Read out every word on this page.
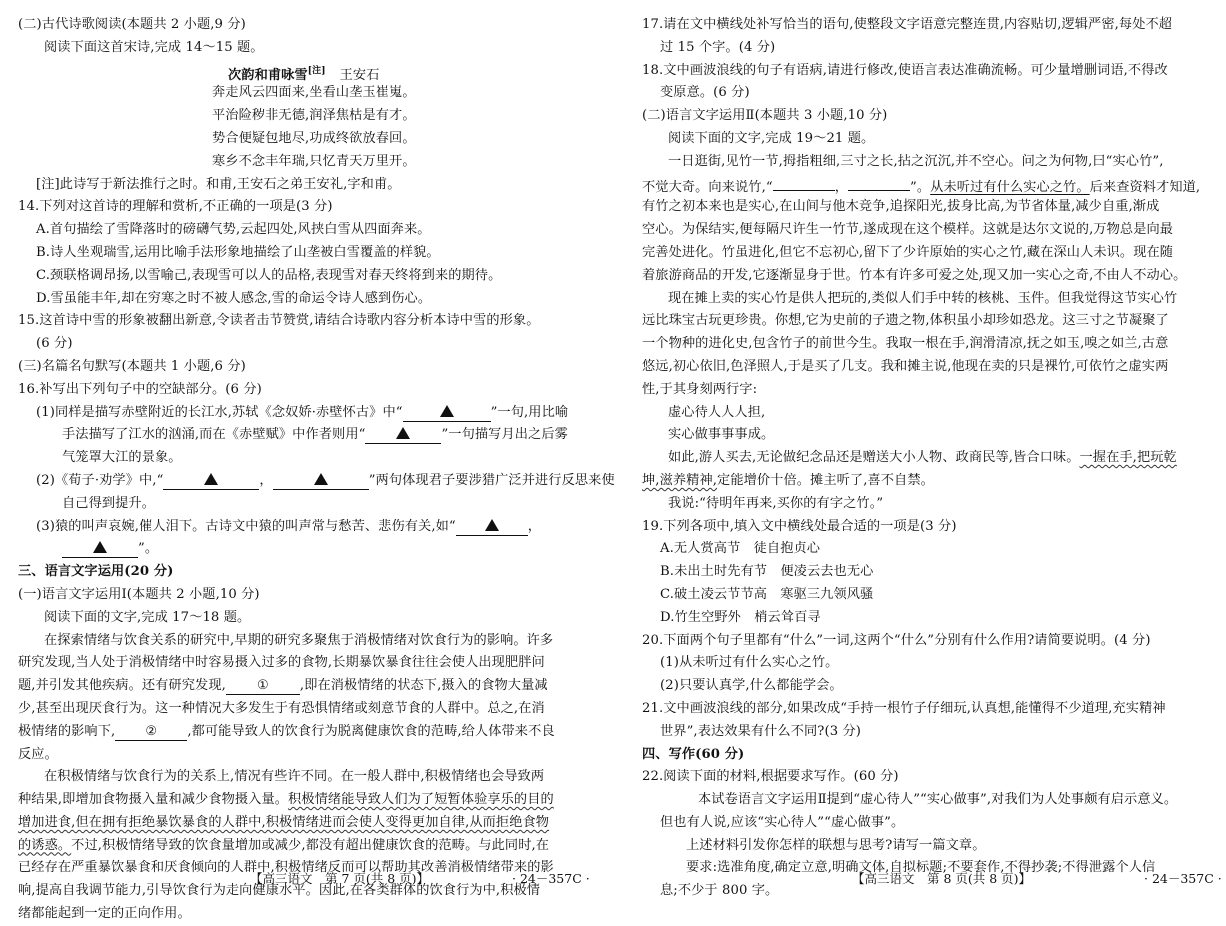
(二)古代诗歌阅读(本题共 2 小题,9 分)
阅读下面这首宋诗,完成 14～15 题。
次韵和甫咏雪[注] 王安石
奔走风云四面来,坐看山垄玉崔嵬。
平治险秽非无德,润泽焦枯是有才。
势合便疑包地尽,功成终欲放春回。
寒乡不念丰年瑞,只忆青天万里开。
[注]此诗写于新法推行之时。和甫,王安石之弟王安礼,字和甫。
14.下列对这首诗的理解和赏析,不正确的一项是(3 分)
A.首句描绘了雪降落时的磅礴气势,云起四处,风挟白雪从四面奔来。
B.诗人坐观瑞雪,运用比喻手法形象地描绘了山垄被白雪覆盖的样貌。
C.颈联格调昂扬,以雪喻己,表现雪可以人的品格,表现雪对春天终将到来的期待。
D.雪虽能丰年,却在穷寒之时不被人感念,雪的命运令诗人感到伤心。
15.这首诗中雪的形象被翻出新意,令读者击节赞赏,请结合诗歌内容分析本诗中雪的形象。
(6 分)
(三)名篇名句默写(本题共 1 小题,6 分)
16.补写出下列句子中的空缺部分。(6 分)
(1)同样是描写赤壁附近的长江水,苏轼《念奴娇·赤壁怀古》中“	”一句,用比喻
手法描写了江水的汹涌,而在《赤壁赋》中作者则用“	”一句描写月出之后雾
气笼罩大江的景象。
(2)《荀子·劝学》中,“	，	”两句体现君子要涉猎广泛并进行反思来使
自己得到提升。
(3)猿的叫声哀婉,催人泪下。古诗文中猿的叫声常与愁苦、悲伤有关,如“	，
”。
三、语言文字运用(20 分)
(一)语言文字运用Ⅰ(本题共 2 小题,10 分)
阅读下面的文字,完成 17～18 题。
在探索情绪与饮食关系的研究中,早期的研究多聚焦于消极情绪对饮食行为的影响。许多
研究发现,当人处于消极情绪中时容易摄入过多的食物,长期暴饮暴食往往会使人出现肥胖问
题,并引发其他疾病。还有研究发现, ① ,即在消极情绪的状态下,摄入的食物大量减
少,甚至出现厌食行为。这一种情况大多发生于有恐惧情绪或刻意节食的人群中。总之,在消
极情绪的影响下, ② ,都可能导致人的饮食行为脱离健康饮食的范畴,给人体带来不良
反应。
在积极情绪与饮食行为的关系上,情况有些许不同。在一般人群中,积极情绪也会导致两
种结果,即增加食物摄入量和减少食物摄入量。积极情绪能导致人们为了短暂体验享乐的目的
增加进食,但在拥有拒绝暴饮暴食的人群中,积极情绪进而会使人变得更加自律,从而拒绝食物
的诱惑。不过,积极情绪导致的饮食量增加或减少,都没有超出健康饮食的范畴。与此同时,在
已经存在严重暴饮暴食和厌食倾向的人群中,积极情绪反而可以帮助其改善消极情绪带来的影
响,提高自我调节能力,引导饮食行为走向健康水平。因此,在各类群体的饮食行为中,积极情
绪都能起到一定的正向作用。
【高三语文　第 7 页(共 8 页)】	· 24－357C ·
17.请在文中横线处补写恰当的语句,使整段文字语意完整连贯,内容贴切,逻辑严密,每处不超
过 15 个字。(4 分)
18.文中画波浪线的句子有语病,请进行修改,使语言表达准确流畅。可少量增删词语,不得改
变原意。(6 分)
(二)语言文字运用Ⅱ(本题共 3 小题,10 分)
阅读下面的文字,完成 19～21 题。
一日逛街,见竹一节,拇指粗细,三寸之长,拈之沉沉,并不空心。问之为何物,曰“实心竹”,
不觉大奇。向来说竹,“	，	”。从未听过有什么实心之竹。后来查资料才知道,
有竹之初本来也是实心,在山间与他木竞争,追探阳光,拔身比高,为节省体量,减少自重,渐成
空心。为保结实,便每隔尺许生一竹节,遂成现在这个模样。这就是达尔文说的,万物总是向最
完善处进化。竹虽进化,但它不忘初心,留下了少许原始的实心之竹,藏在深山人未识。现在随
着旅游商品的开发,它逐渐显身于世。竹本有许多可爱之处,现又加一实心之奇,不由人不动心。
现在摊上卖的实心竹是供人把玩的,类似人们手中转的核桃、玉件。但我觉得这节实心竹
远比珠宝古玩更珍贵。你想,它为史前的子遗之物,体积虽小却珍如恐龙。这三寸之节凝聚了
一个物种的进化史,包含竹子的前世今生。我取一根在手,润滑清凉,抚之如玉,嗅之如兰,古意
悠远,初心依旧,色泽照人,于是买了几支。我和摊主说,他现在卖的只是裸竹,可依竹之虚实两
性,于其身刻两行字:
虚心待人人人担,
实心做事事事成。
如此,游人买去,无论做纪念品还是赠送大小人物、政商民等,皆合口味。一握在手,把玩乾
坤,滋养精神,定能增价十倍。摊主听了,喜不自禁。
我说:“待明年再来,买你的有字之竹。”
19.下列各项中,填入文中横线处最合适的一项是(3 分)
A.无人赏高节　徒自抱贞心
B.未出土时先有节　便凌云去也无心
C.破土凌云节节高　寒驱三九领风骚
D.竹生空野外　梢云耸百寻
20.下面两个句子里都有“什么”一词,这两个“什么”分别有什么作用?请简要说明。(4 分)
(1)从未听过有什么实心之竹。
(2)只要认真学,什么都能学会。
21.文中画波浪线的部分,如果改成“手持一根竹子仔细玩,认真想,能懂得不少道理,充实精神
世界”,表达效果有什么不同?(3 分)
四、写作(60 分)
22.阅读下面的材料,根据要求写作。(60 分)
本试卷语言文字运用Ⅱ提到“虚心待人”“实心做事”,对我们为人处事颇有启示意义。
但也有人说,应该“实心待人”“虚心做事”。
上述材料引发你怎样的联想与思考?请写一篇文章。
要求:选准角度,确定立意,明确文体,自拟标题;不要套作,不得抄袭;不得泄露个人信
息;不少于 800 字。
【高三语文　第 8 页(共 8 页)】	· 24－357C ·
